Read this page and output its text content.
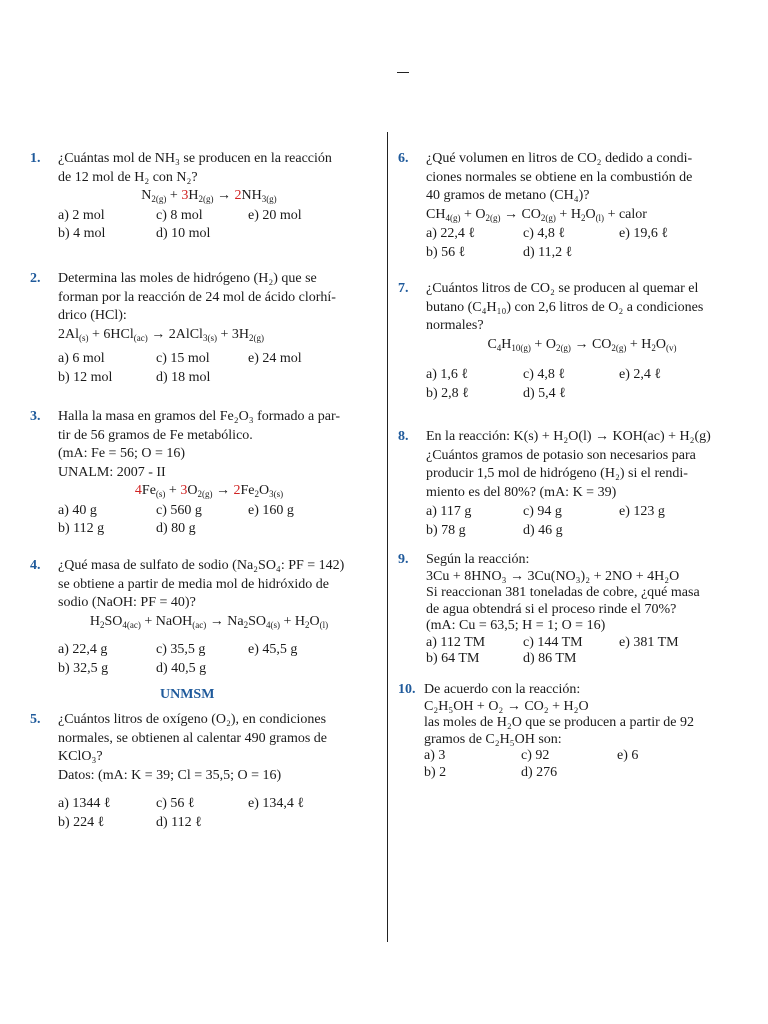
1. ¿Cuántas mol de NH₃ se producen en la reacción
de 12 mol de H₂ con N₂?
$N_{2(g)} + 3H_{2(g)} \to 2NH_{3(g)}$
a) 2 mol	c) 8 mol	e) 20 mol
b) 4 mol	d) 10 mol
2. Determina las moles de hidrógeno (H₂) que se
forman por la reacción de 24 mol de ácido clorhí-
drico (HCl):
$2Al_{(s)} + 6HCl_{(ac)}$ → 2AlCl$_{3(s)}$ + $3H_{2(g)}$
a) 6 mol	c) 15 mol	e) 24 mol
b) 12 mol	d) 18 mol
3. Halla la masa en gramos del Fe₂O₃ formado a par-
tir de 56 gramos de Fe metabólico.
(mA: Fe = 56; O = 16)
UNALM: 2007 - II
$4Fe_{(s)} + 3O_{2(g)} \to 2Fe_2O_{3(s)}$
a) 40 g	c) 560 g	e) 160 g
b) 112 g	d) 80 g
4. ¿Qué masa de sulfato de sodio (Na₂SO₄: PF = 142)
se obtiene a partir de media mol de hidróxido de
sodio (NaOH: PF = 40)?
$H_2SO_{4(ac)}$ + NaOH$_{(ac)}$ → $Na_2SO_{4(s)} + H_2O_{(l)}$
a) 22,4 g	c) 35,5 g	e) 45,5 g
b) 32,5 g	d) 40,5 g
UNMSM
5. ¿Cuántos litros de oxígeno (O₂), en condiciones
normales, se obtienen al calentar 490 gramos de
KClO₃?
Datos: (mA: K = 39; Cl = 35,5; O = 16)
a) 1344 ℓ	c) 56 ℓ	e) 134,4 ℓ
b) 224 ℓ	d) 112 ℓ
6. ¿Qué volumen en litros de CO₂ dedido a condi-
ciones normales se obtiene en la combustión de
40 gramos de metano (CH₄)?
$CH_{4(g)} + O_{2(g)} \to CO_{2(g)} + H_2O_{(l)}$ + calor
a) 22,4 ℓ	c) 4,8 ℓ	e) 19,6 ℓ
b) 56 ℓ	d) 11,2 ℓ
7. ¿Cuántos litros de CO₂ se producen al quemar el
butano (C₄H₁₀) con 2,6 litros de O₂ a condiciones
normales?
$C_4H_{10(g)} + O_{2(g)} \to CO_{2(g)} + H_2O_{(v)}$
a) 1,6 ℓ	c) 4,8 ℓ	e) 2,4 ℓ
b) 2,8 ℓ	d) 5,4 ℓ
8. En la reacción: K(s) + H₂O(l) → KOH(ac) + H₂(g)
¿Cuántos gramos de potasio son necesarios para
producir 1,5 mol de hidrógeno (H₂) si el rendi-
miento es del 80%? (mA: K = 39)
a) 117 g	c) 94 g	e) 123 g
b) 78 g	d) 46 g
9. Según la reacción:
3Cu + 8HNO₃ → 3Cu(NO₃)₂ + 2NO + 4H₂O
Si reaccionan 381 toneladas de cobre, ¿qué masa
de agua obtendrá si el proceso rinde el 70%?
(mA: Cu = 63,5; H = 1; O = 16)
a) 112 TM	c) 144 TM	e) 381 TM
b) 64 TM	d) 86 TM
10. De acuerdo con la reacción:
C₂H₅OH + O₂ → CO₂ + H₂O
las moles de H₂O que se producen a partir de 92
gramos de C₂H₅OH son:
a) 3	c) 92	e) 6
b) 2	d) 276
